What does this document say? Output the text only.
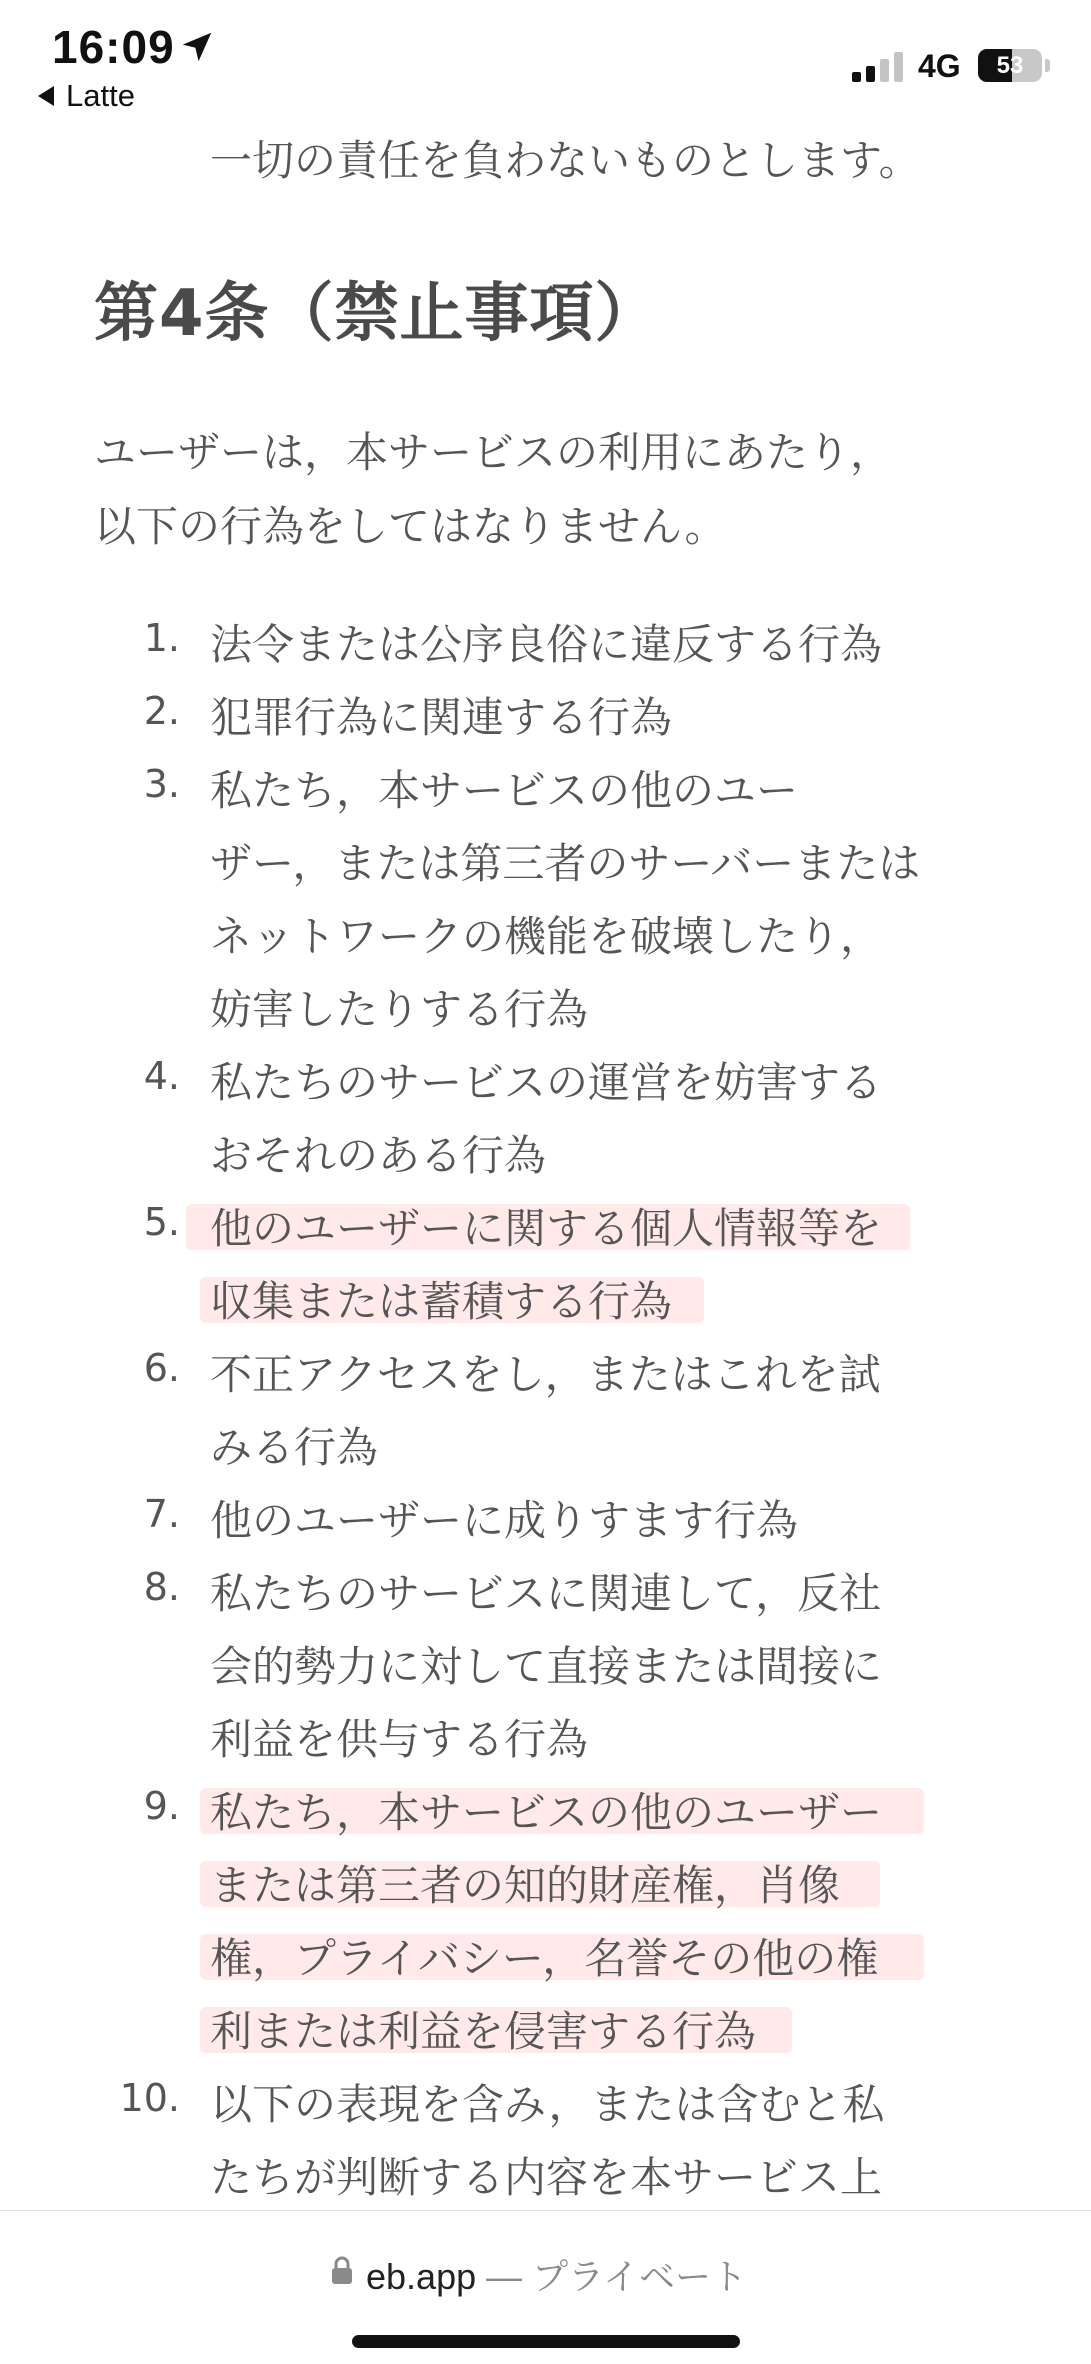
16:09
Latte
4G	53
一切の責任を負わないものとします。
第4条（禁止事項）
ユーザーは，本サービスの利用にあたり，
以下の行為をしてはなりません。
1. 法令または公序良俗に違反する行為
2. 犯罪行為に関連する行為
3. 私たち，本サービスの他のユー
ザー，または第三者のサーバーまたは
ネットワークの機能を破壊したり，
妨害したりする行為
4. 私たちのサービスの運営を妨害する
おそれのある行為
5. 他のユーザーに関する個人情報等を
収集または蓄積する行為
6. 不正アクセスをし，またはこれを試
みる行為
7. 他のユーザーに成りすます行為
8. 私たちのサービスに関連して，反社
会的勢力に対して直接または間接に
利益を供与する行為
9. 私たち，本サービスの他のユーザー
または第三者の知的財産権，肖像
権，プライバシー，名誉その他の権
利または利益を侵害する行為
10. 以下の表現を含み，または含むと私
たちが判断する内容を本サービス上
eb.app — プライベート
